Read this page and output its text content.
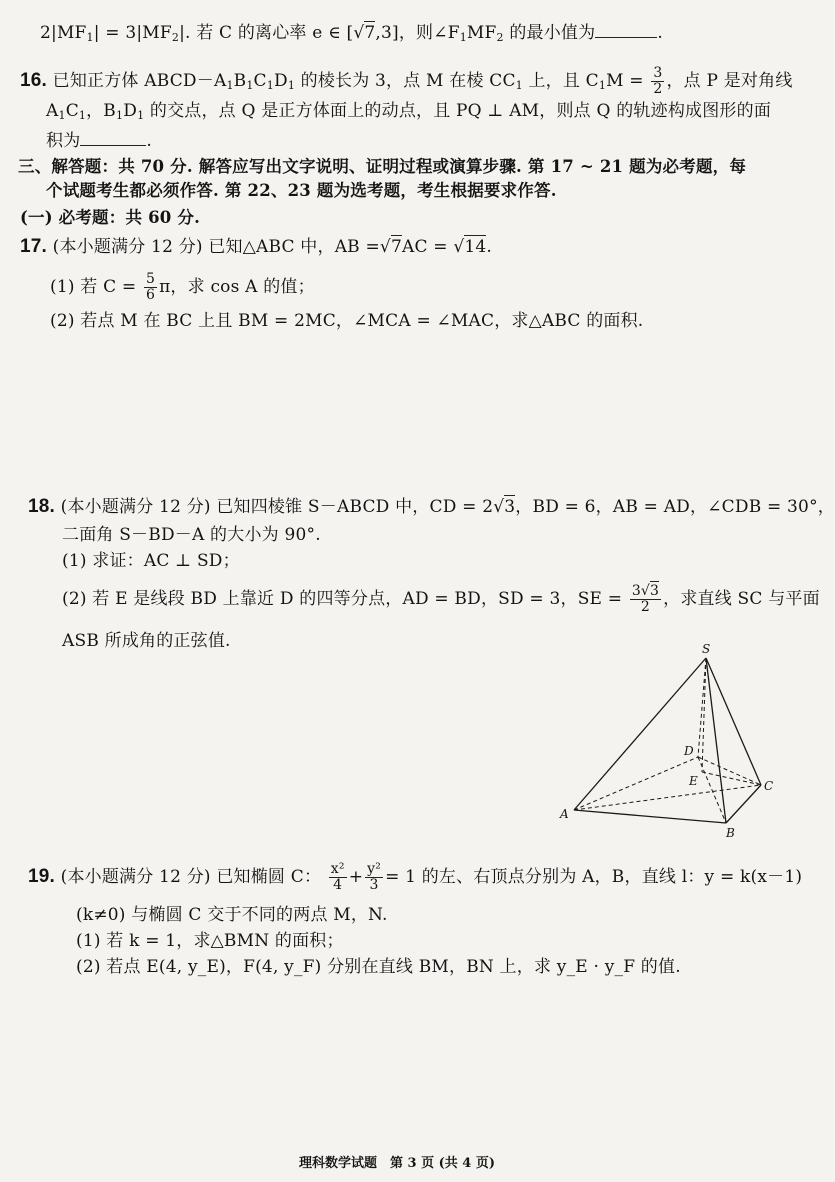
$2|MF_1| = 3|MF_2|$. 若 C 的离心率 e ∈ [√7,3]，则$\angle F_1MF_2$ 的最小值为	.
16. 已知正方体 $ABCD-A_1B_1C_1D_1$ 的棱长为 3，点 M 在棱 $CC_1$ 上，且 $C_1M = \frac{3}{2}$ ，点 P 是对角线
$A_1C_1$，$B_1D_1$ 的交点，点 Q 是正方体面上的动点，且 PQ ⊥ AM，则点 Q 的轨迹构成图形的面
积为	.
三、解答题：共 70 分. 解答应写出文字说明、证明过程或演算步骤. 第 17 ~ 21 题为必考题，每
个试题考生都必须作答. 第 22、23 题为选考题，考生根据要求作答.
(一) 必考题：共 60 分.
17. (本小题满分 12 分) 已知△ABC 中，AB =√7AC = √14.
(1) 若 $C = \frac{5}{6}$ π，求 cos A 的值；
(2) 若点 M 在 BC 上且 BM = 2MC，∠MCA = ∠MAC，求△ABC 的面积.
18. (本小题满分 12 分) 已知四棱锥 S－ABCD 中，CD = 2√3，BD = 6，AB = AD，∠CDB = 30°，
二面角 S－BD－A 的大小为 90°.
(1) 求证：AC ⊥ SD；
(2) 若 E 是线段 BD 上靠近 D 的四等分点，AD = BD，SD = 3，SE = $\frac{3√3}{2}$ ，求直线 SC 与平面
ASB 所成角的正弦值.	S
D
E	C
A
B
19. (本小题满分 12 分) 已知椭圆 C： $\frac{\text{x²}}{4} + \frac{\text{y²}}{3} = 1$ 的左、右顶点分别为 A，B，直线 l：y = k(x－1)
(k≠0) 与椭圆 C 交于不同的两点 M，N.
(1) 若 k = 1，求△BMN 的面积；
(2) 若点 E(4, y_E)，F(4, y_F) 分别在直线 BM，BN 上，求 y_E · y_F 的值.
理科数学试题　第 3 页 (共 4 页)
